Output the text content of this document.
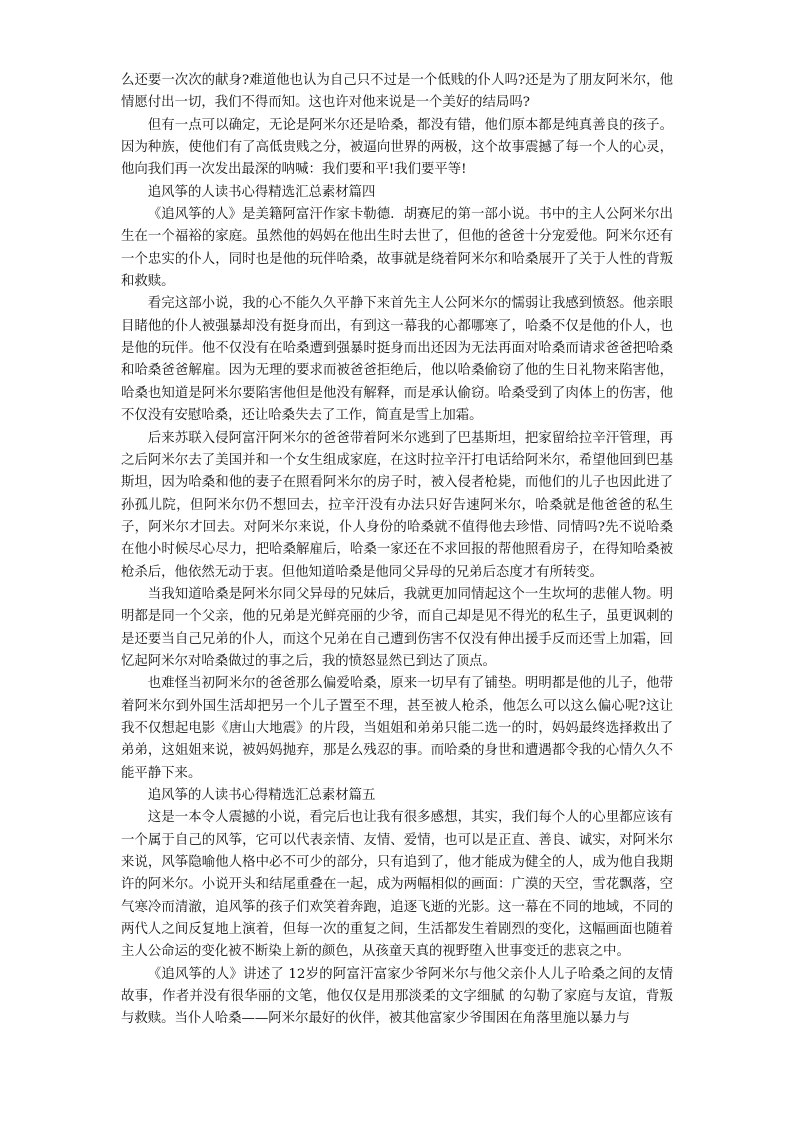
么还要一次次的献身?难道他也认为自己只不过是一个低贱的仆人吗?还是为了朋友阿米尔，他情愿付出一切，我们不得而知。这也许对他来说是一个美好的结局吗?

但有一点可以确定，无论是阿米尔还是哈桑，都没有错，他们原本都是纯真善良的孩子。因为种族，使他们有了高低贵贱之分，被逼向世界的两极，这个故事震撼了每一个人的心灵，他向我们再一次发出最深的呐喊：我们要和平!我们要平等!

追风筝的人读书心得精选汇总素材篇四

《追风筝的人》是美籍阿富汗作家卡勒德．胡赛尼的第一部小说。书中的主人公阿米尔出生在一个福裕的家庭。虽然他的妈妈在他出生时去世了，但他的爸爸十分宠爱他。阿米尔还有一个忠实的仆人，同时也是他的玩伴哈桑，故事就是绕着阿米尔和哈桑展开了关于人性的背叛和救赎。

看完这部小说，我的心不能久久平静下来首先主人公阿米尔的懦弱让我感到愤怒。他亲眼目睹他的仆人被强暴却没有挺身而出，有到这一幕我的心都哪寒了，哈桑不仅是他的仆人，也是他的玩伴。他不仅没有在哈桑遭到强暴时挺身而出还因为无法再面对哈桑而请求爸爸把哈桑和哈桑爸爸解雇。因为无理的要求而被爸爸拒绝后，他以哈桑偷窃了他的生日礼物来陷害他，哈桑也知道是阿米尔要陷害他但是他没有解释，而是承认偷窃。哈桑受到了肉体上的伤害，他不仅没有安慰哈桑，还让哈桑失去了工作，简直是雪上加霜。

后来苏联入侵阿富汗阿米尔的爸爸带着阿米尔逃到了巴基斯坦，把家留给拉辛汗管理，再之后阿米尔去了美国并和一个女生组成家庭，在这时拉辛汗打电话给阿米尔，希望他回到巴基斯坦，因为哈桑和他的妻子在照看阿米尔的房子时，被入侵者枪毙，而他们的儿子也因此进了孙孤儿院，但阿米尔仍不想回去，拉辛汗没有办法只好告速阿米尔，哈桑就是他爸爸的私生子，阿米尔才回去。对阿米尔来说，仆人身份的哈桑就不值得他去珍惜、同情吗?先不说哈桑在他小时候尽心尽力，把哈桑解雇后，哈桑一家还在不求回报的帮他照看房子，在得知哈桑被枪杀后，他依然无动于衷。但他知道哈桑是他同父异母的兄弟后态度才有所转变。

当我知道哈桑是阿米尔同父异母的兄妹后，我就更加同情起这个一生坎坷的悲催人物。明明都是同一个父亲，他的兄弟是光鲜亮丽的少爷，而自己却是见不得光的私生子，虽更讽刺的是还要当自己兄弟的仆人，而这个兄弟在自己遭到伤害不仅没有伸出援手反而还雪上加霜，回忆起阿米尔对哈桑做过的事之后，我的愤怒显然已到达了顶点。

也难怪当初阿米尔的爸爸那么偏爱哈桑，原来一切早有了铺垫。明明都是他的儿子，他带着阿米尔到外国生活却把另一个儿子置至不理，甚至被人枪杀，他怎么可以这么偏心呢?这让我不仅想起电影《唐山大地震》的片段，当姐姐和弟弟只能二选一的时，妈妈最终选择救出了弟弟，这姐姐来说，被妈妈抛弃，那是么残忍的事。而哈桑的身世和遭遇都令我的心情久久不能平静下来。

追风筝的人读书心得精选汇总素材篇五

这是一本令人震撼的小说，看完后也让我有很多感想，其实，我们每个人的心里都应该有一个属于自己的风筝，它可以代表亲情、友情、爱情，也可以是正直、善良、诚实，对阿米尔来说，风筝隐喻他人格中必不可少的部分，只有追到了，他才能成为健全的人，成为他自我期许的阿米尔。小说开头和结尾重叠在一起，成为两幅相似的画面：广漠的天空，雪花飘落，空气寒冷而清澈，追风筝的孩子们欢笑着奔跑，追逐飞逝的光影。这一幕在不同的地域，不同的两代人之间反复地上演着，但每一次的重复之间，生活都发生着剧烈的变化，这幅画面也随着主人公命运的变化被不断染上新的颜色，从孩童天真的视野堕入世事变迁的悲哀之中。

《追风筝的人》讲述了 12岁的阿富汗富家少爷阿米尔与他父亲仆人儿子哈桑之间的友情故事，作者并没有很华丽的文笔，他仅仅是用那淡柔的文字细腻 的勾勒了家庭与友谊，背叛与救赎。当仆人哈桑——阿米尔最好的伙伴，被其他富家少爷围困在角落里施以暴力与
